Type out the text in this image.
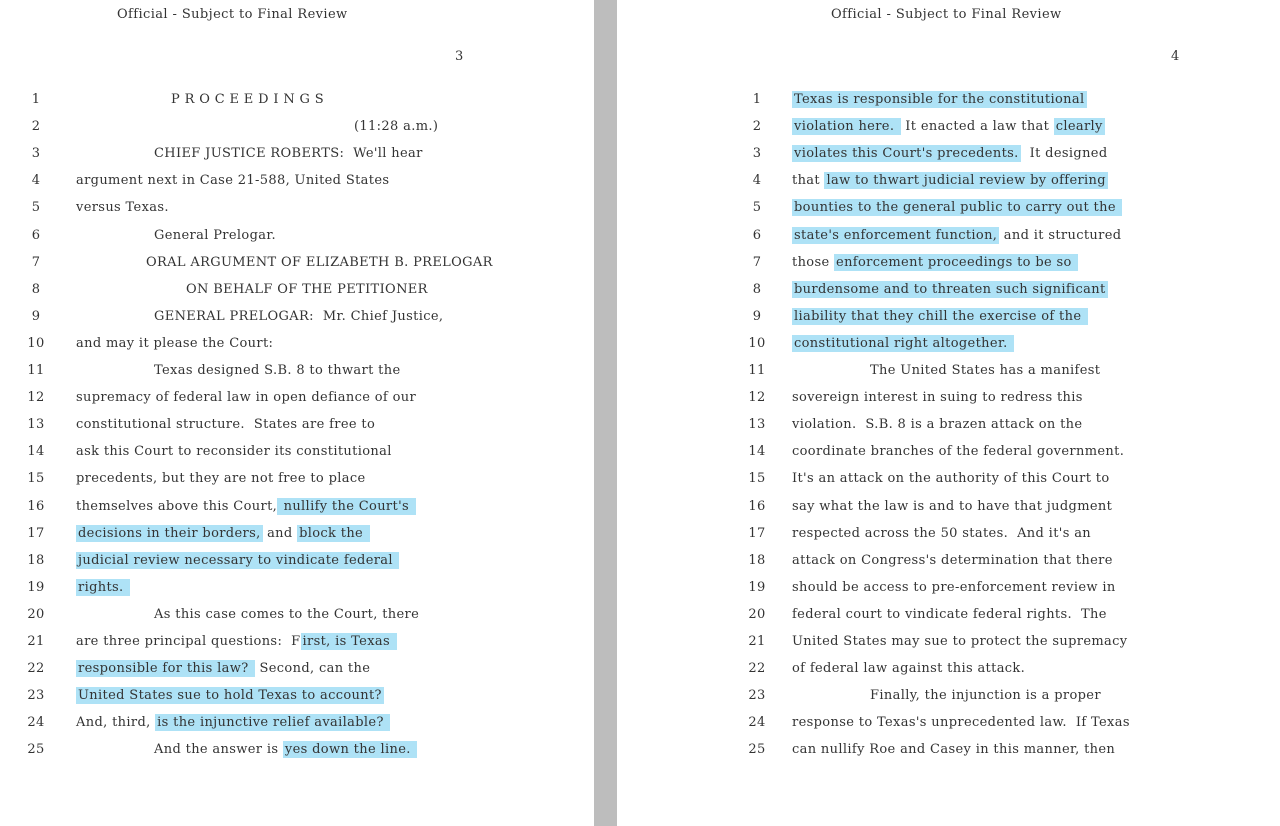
Official - Subject to Final Review
3
1	P R O C E E D I N G S
2	(11:28 a.m.)
3	CHIEF JUSTICE ROBERTS:  We'll hear
4	argument next in Case 21-588, United States
5	versus Texas.
6	General Prelogar.
7	ORAL ARGUMENT OF ELIZABETH B. PRELOGAR
8	ON BEHALF OF THE PETITIONER
9	GENERAL PRELOGAR:  Mr. Chief Justice,
10	and may it please the Court:
11	Texas designed S.B. 8 to thwart the
12	supremacy of federal law in open defiance of our
13	constitutional structure.  States are free to
14	ask this Court to reconsider its constitutional
15	precedents, but they are not free to place
16	themselves above this Court, nullify the Court's
17	decisions in their borders, and block the
18	judicial review necessary to vindicate federal
19	rights.
20	As this case comes to the Court, there
21	are three principal questions:  F irst, is Texas
22	responsible for this law?  Second, can the
23	United States sue to hold Texas to account?
24	And, third, is the injunctive relief available?
25	And the answer is yes down the line.
Official - Subject to Final Review
4
1	Texas is responsible for the constitutional
2	violation here.  It enacted a law that clearly
3	violates this Court's precedents.  It designed
4	that law to thwart judicial review by offering
5	bounties to the general public to carry out the
6	state's enforcement function, and it structured
7	those enforcement proceedings to be so
8	burdensome and to threaten such significant
9	liability that they chill the exercise of the
10	constitutional right altogether.
11	The United States has a manifest
12	sovereign interest in suing to redress this
13	violation.  S.B. 8 is a brazen attack on the
14	coordinate branches of the federal government.
15	It's an attack on the authority of this Court to
16	say what the law is and to have that judgment
17	respected across the 50 states.  And it's an
18	attack on Congress's determination that there
19	should be access to pre-enforcement review in
20	federal court to vindicate federal rights.  The
21	United States may sue to protect the supremacy
22	of federal law against this attack.
23	Finally, the injunction is a proper
24	response to Texas's unprecedented law.  If Texas
25	can nullify Roe and Casey in this manner, then
